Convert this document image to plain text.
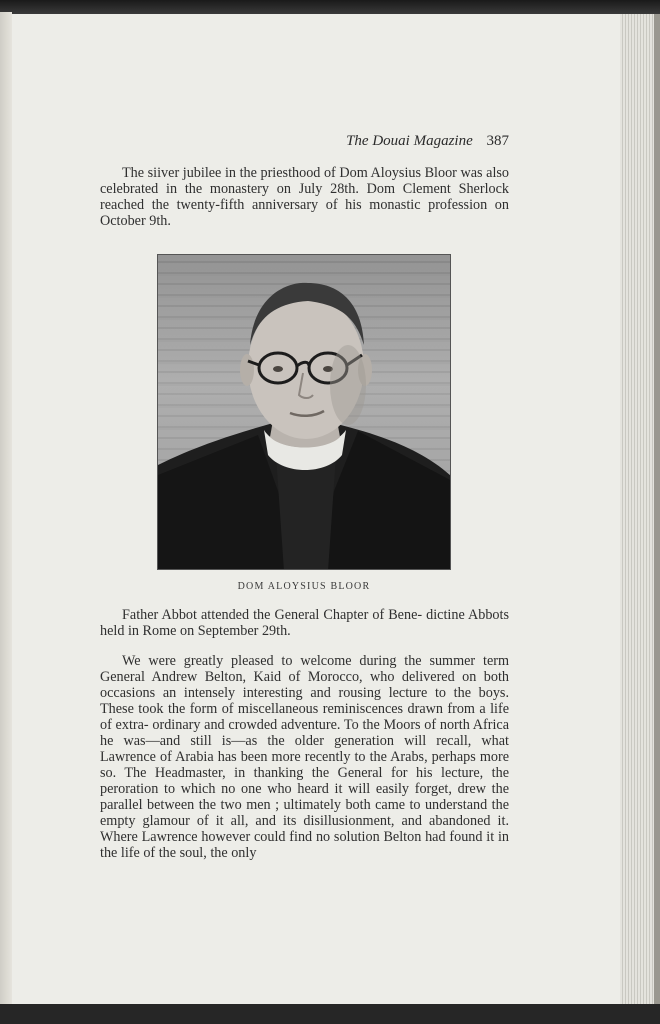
The Douai Magazine 387

The siiver jubilee in the priesthood of Dom Aloysius Bloor was also celebrated in the monastery on July 28th. Dom Clement Sherlock reached the twenty-fifth anniversary of his monastic profession on October 9th.

DOM ALOYSIUS BLOOR

Father Abbot attended the General Chapter of Bene- dictine Abbots held in Rome on September 29th.

We were greatly pleased to welcome during the summer term General Andrew Belton, Kaid of Morocco, who delivered on both occasions an intensely interesting and rousing lecture to the boys. These took the form of miscellaneous reminiscences drawn from a life of extra- ordinary and crowded adventure. To the Moors of north Africa he was—and still is—as the older generation will recall, what Lawrence of Arabia has been more recently to the Arabs, perhaps more so. The Headmaster, in thanking the General for his lecture, the peroration to which no one who heard it will easily forget, drew the parallel between the two men ; ultimately both came to understand the empty glamour of it all, and its disillusionment, and abandoned it. Where Lawrence however could find no solution Belton had found it in the life of the soul, the only
